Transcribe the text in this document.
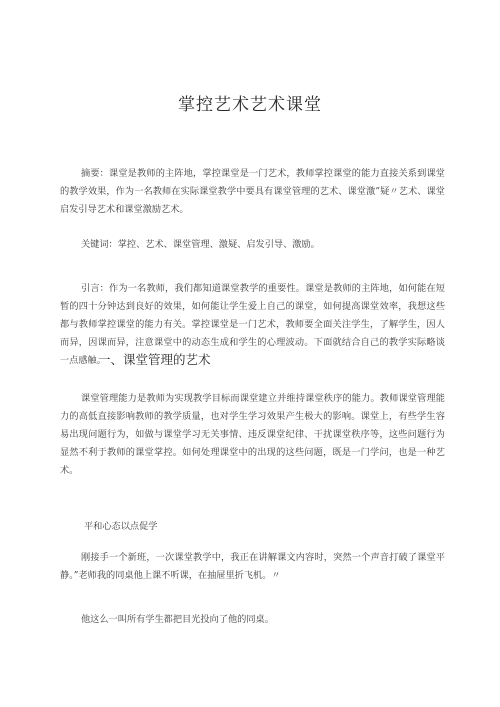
掌控艺术艺术课堂
摘要：课堂是教师的主阵地，掌控课堂是一门艺术，教师掌控课堂的能力直接关系到课堂的教学效果，作为一名教师在实际课堂教学中要具有课堂管理的艺术、课堂激”疑〃艺术、课堂启发引导艺术和课堂激励艺术。
关键词：掌控、艺术、课堂管理、激疑、启发引导、激励。
引言：作为一名教师，我们都知道课堂教学的重要性。课堂是教师的主阵地，如何能在短暂的四十分钟达到良好的效果，如何能让学生爱上自己的课堂，如何提高课堂效率，我想这些都与教师掌控课堂的能力有关。掌控课堂是一门艺术，教师要全面关注学生，了解学生，因人而异，因课而异，注意课堂中的动态生成和学生的心理波动。下面就结合自己的教学实际略谈一点感触。
一、课堂管理的艺术
课堂管理能力是教师为实现教学目标而课堂建立并维持课堂秩序的能力。教师课堂管理能力的高低直接影响教师的教学质量，也对学生学习效果产生极大的影响。课堂上，有些学生容易出现问题行为，如做与课堂学习无关事情、违反课堂纪律、干扰课堂秩序等，这些问题行为显然不利于教师的课堂掌控。如何处理课堂中的出现的这些问题，既是一门学问，也是一种艺术。
平和心态以点促学
刚接手一个新班，一次课堂教学中，我正在讲解课文内容时，突然一个声音打破了课堂平静。”老师我的同桌他上课不听课，在抽屉里折飞机。〃
他这么一叫所有学生都把目光投向了他的同桌。
